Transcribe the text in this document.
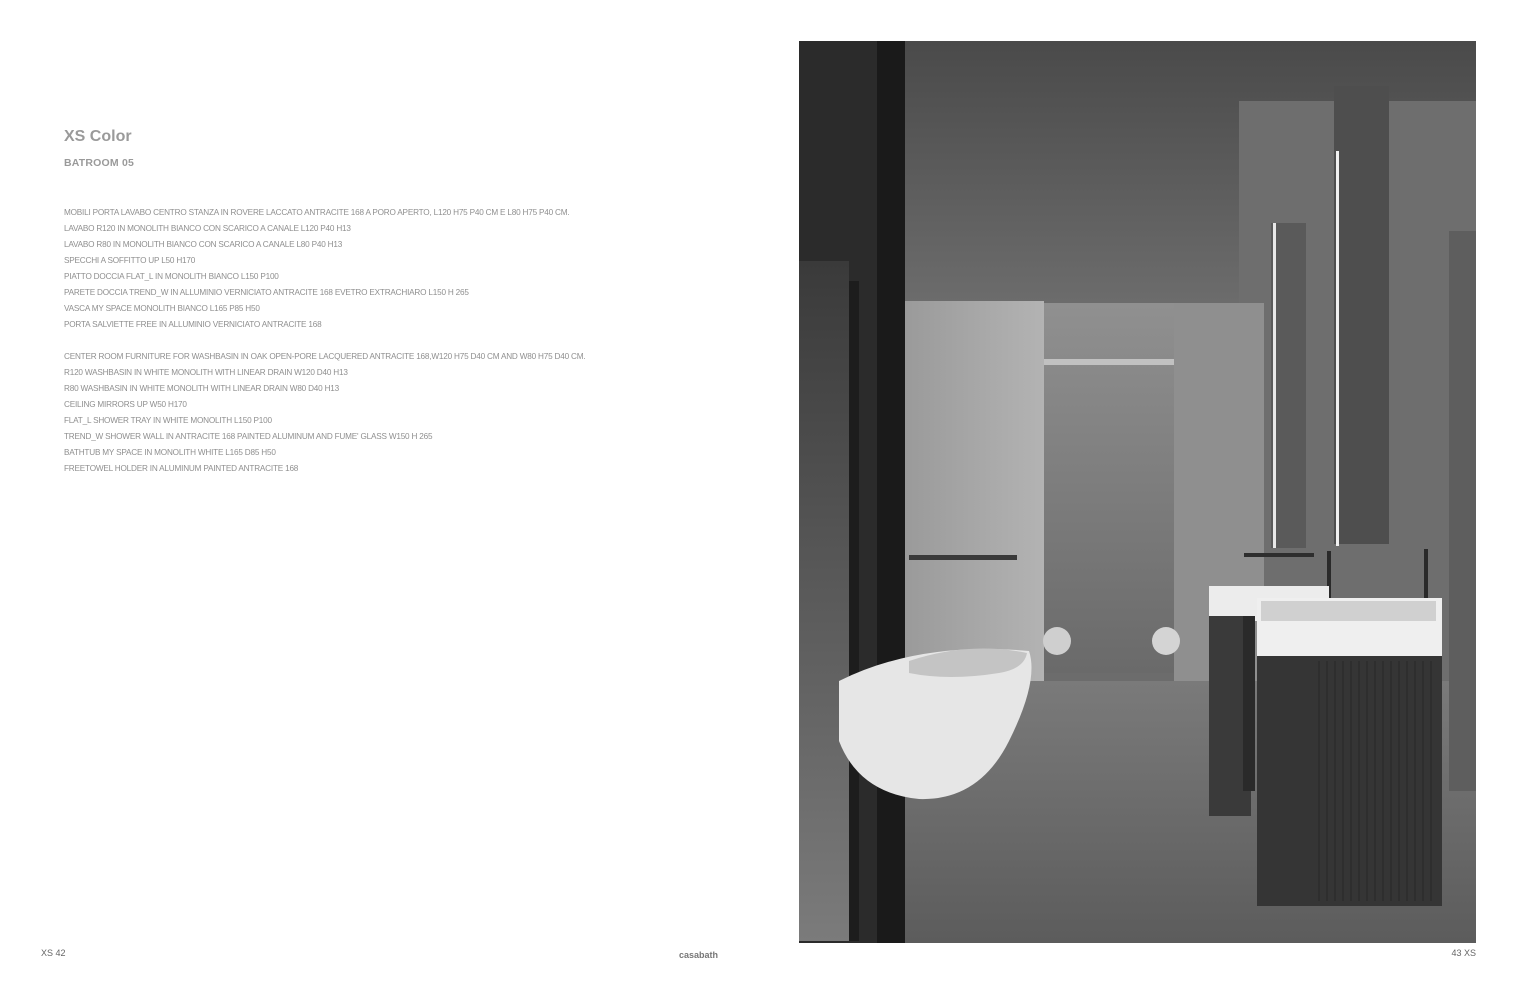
XS Color
BATROOM 05
MOBILI PORTA LAVABO CENTRO STANZA IN ROVERE LACCATO ANTRACITE 168 A PORO APERTO, L120 H75 P40 CM E L80 H75 P40 CM.
LAVABO R120 IN MONOLITH BIANCO CON SCARICO A CANALE L120 P40 H13
LAVABO R80 IN MONOLITH BIANCO CON SCARICO A CANALE L80 P40 H13
SPECCHI A SOFFITTO UP L50 H170
PIATTO DOCCIA FLAT_L IN MONOLITH BIANCO L150 P100
PARETE DOCCIA TREND_W IN ALLUMINIO VERNICIATO ANTRACITE 168 EVETRO EXTRACHIARO L150 H 265
VASCA MY SPACE MONOLITH BIANCO L165 P85 H50
PORTA SALVIETTE FREE IN ALLUMINIO VERNICIATO ANTRACITE 168
CENTER ROOM FURNITURE FOR WASHBASIN IN OAK OPEN-PORE LACQUERED ANTRACITE 168,W120 H75 D40 CM AND W80 H75 D40 CM.
R120 WASHBASIN IN WHITE MONOLITH WITH LINEAR DRAIN W120 D40 H13
R80 WASHBASIN IN WHITE MONOLITH WITH LINEAR DRAIN W80 D40 H13
CEILING MIRRORS UP W50 H170
FLAT_L SHOWER TRAY IN WHITE MONOLITH L150 P100
TREND_W SHOWER WALL IN ANTRACITE 168 PAINTED ALUMINUM AND FUME' GLASS W150 H 265
BATHTUB MY SPACE IN MONOLITH WHITE L165 D85 H50
FREETOWEL HOLDER IN ALUMINUM PAINTED ANTRACITE 168
XS 42	casabath	43 XS
